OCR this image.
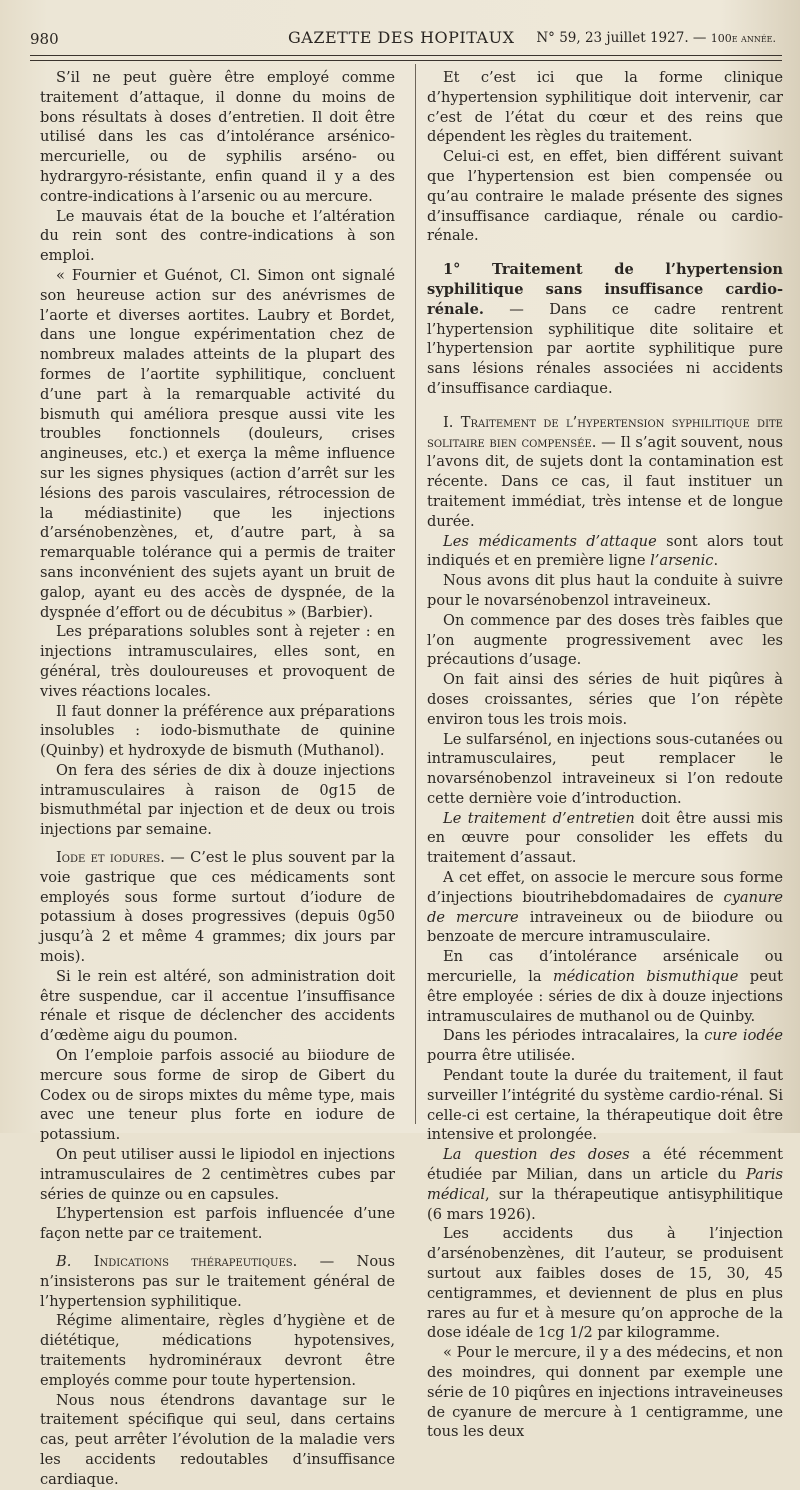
980	GAZETTE DES HOPITAUX N° 59, 23 juillet 1927. — 100e année.

S’il ne peut guère être employé comme traitement d’attaque, il donne du moins de bons résultats à doses d’entretien. Il doit être utilisé dans les cas d’intolérance arsénico-mercurielle, ou de syphilis arséno- ou hydrargyro-résistante, enfin quand il y a des contre-indications à l’arsenic ou au mercure.

Le mauvais état de la bouche et l’altération du rein sont des contre-indications à son emploi.

« Fournier et Guénot, Cl. Simon ont signalé son heureuse action sur des anévrismes de l’aorte et diverses aortites. Laubry et Bordet, dans une longue expérimentation chez de nombreux malades atteints de la plupart des formes de l’aortite syphilitique, concluent d’une part à la remarquable activité du bismuth qui améliora presque aussi vite les troubles fonctionnels (douleurs, crises angineuses, etc.) et exerça la même influence sur les signes physiques (action d’arrêt sur les lésions des parois vasculaires, rétrocession de la médiastinite) que les injections d’arsénobenzènes, et, d’autre part, à sa remarquable tolérance qui a permis de traiter sans inconvénient des sujets ayant un bruit de galop, ayant eu des accès de dyspnée, de la dyspnée d’effort ou de décubitus » (Barbier).

Les préparations solubles sont à rejeter : en injections intramusculaires, elles sont, en général, très douloureuses et provoquent de vives réactions locales.

Il faut donner la préférence aux préparations insolubles : iodo-bismuthate de quinine (Quinby) et hydroxyde de bismuth (Muthanol).

On fera des séries de dix à douze injections intramusculaires à raison de 0g15 de bismuthmétal par injection et de deux ou trois injections par semaine.

Iode et iodures. — C’est le plus souvent par la voie gastrique que ces médicaments sont employés sous forme surtout d’iodure de potassium à doses progressives (depuis 0g50 jusqu’à 2 et même 4 grammes; dix jours par mois).

Si le rein est altéré, son administration doit être suspendue, car il accentue l’insuffisance rénale et risque de déclencher des accidents d’œdème aigu du poumon.

On l’emploie parfois associé au biiodure de mercure sous forme de sirop de Gibert du Codex ou de sirops mixtes du même type, mais avec une teneur plus forte en iodure de potassium.

On peut utiliser aussi le lipiodol en injections intramusculaires de 2 centimètres cubes par séries de quinze ou en capsules.

L’hypertension est parfois influencée d’une façon nette par ce traitement.

B. Indications thérapeutiques. — Nous n’insisterons pas sur le traitement général de l’hypertension syphilitique.

Régime alimentaire, règles d’hygiène et de diététique, médications hypotensives, traitements hydrominéraux devront être employés comme pour toute hypertension.

Nous nous étendrons davantage sur le traitement spécifique qui seul, dans certains cas, peut arrêter l’évolution de la maladie vers les accidents redoutables d’insuffisance cardiaque.

Et c’est ici que la forme clinique d’hypertension syphilitique doit intervenir, car c’est de l’état du cœur et des reins que dépendent les règles du traitement.

Celui-ci est, en effet, bien différent suivant que l’hypertension est bien compensée ou qu’au contraire le malade présente des signes d’insuffisance cardiaque, rénale ou cardio-rénale.

1° Traitement de l’hypertension syphilitique sans insuffisance cardio-rénale. — Dans ce cadre rentrent l’hypertension syphilitique dite solitaire et l’hypertension par aortite syphilitique pure sans lésions rénales associées ni accidents d’insuffisance cardiaque.

I. Traitement de l’hypertension syphilitique dite solitaire bien compensée. — Il s’agit souvent, nous l’avons dit, de sujets dont la contamination est récente. Dans ce cas, il faut instituer un traitement immédiat, très intense et de longue durée.

Les médicaments d’attaque sont alors tout indiqués et en première ligne l’arsenic.

Nous avons dit plus haut la conduite à suivre pour le novarsénobenzol intraveineux.

On commence par des doses très faibles que l’on augmente progressivement avec les précautions d’usage.

On fait ainsi des séries de huit piqûres à doses croissantes, séries que l’on répète environ tous les trois mois.

Le sulfarsénol, en injections sous-cutanées ou intramusculaires, peut remplacer le novarsénobenzol intraveineux si l’on redoute cette dernière voie d’introduction.

Le traitement d’entretien doit être aussi mis en œuvre pour consolider les effets du traitement d’assaut.

A cet effet, on associe le mercure sous forme d’injections bioutrihebdomadaires de cyanure de mercure intraveineux ou de biiodure ou benzoate de mercure intramusculaire.

En cas d’intolérance arsénicale ou mercurielle, la médication bismuthique peut être employée : séries de dix à douze injections intramusculaires de muthanol ou de Quinby.

Dans les périodes intracalaires, la cure iodée pourra être utilisée.

Pendant toute la durée du traitement, il faut surveiller l’intégrité du système cardio-rénal. Si celle-ci est certaine, la thérapeutique doit être intensive et prolongée.

La question des doses a été récemment étudiée par Milian, dans un article du Paris médical, sur la thérapeutique antisyphilitique (6 mars 1926).

Les accidents dus à l’injection d’arsénobenzènes, dit l’auteur, se produisent surtout aux faibles doses de 15, 30, 45 centigrammes, et deviennent de plus en plus rares au fur et à mesure qu’on approche de la dose idéale de 1cg 1/2 par kilogramme.

« Pour le mercure, il y a des médecins, et non des moindres, qui donnent par exemple une série de 10 piqûres en injections intraveineuses de cyanure de mercure à 1 centigramme, une tous les deux
